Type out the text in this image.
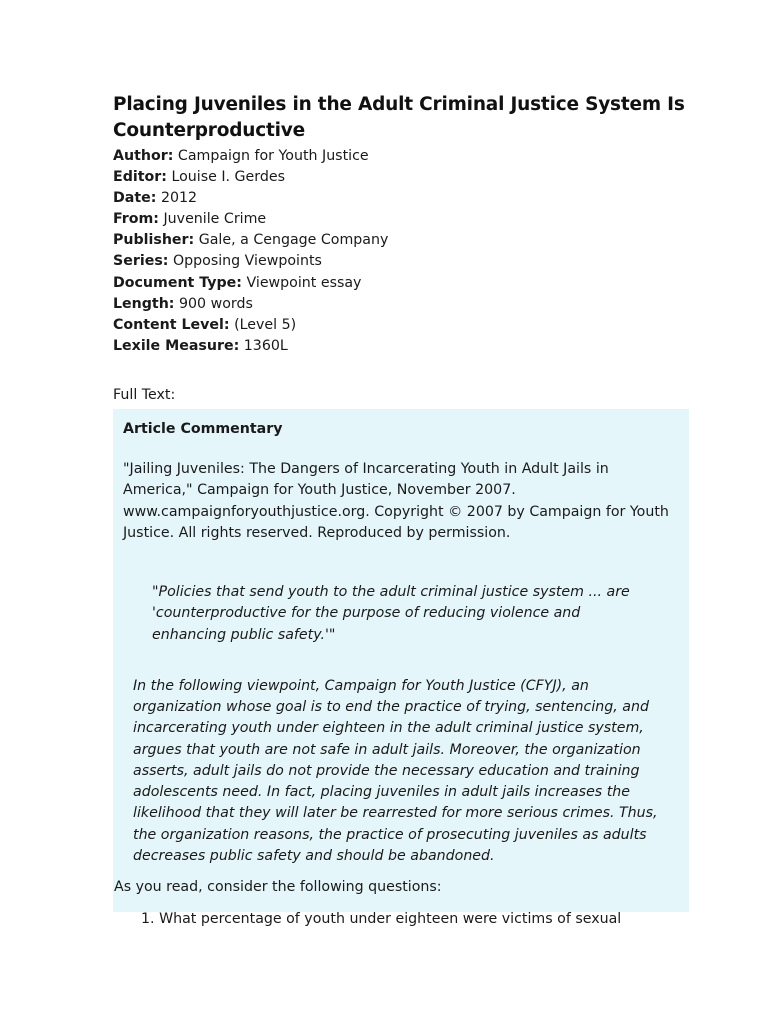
Placing Juveniles in the Adult Criminal Justice System Is Counterproductive
Author: Campaign for Youth Justice
Editor: Louise I. Gerdes
Date: 2012
From: Juvenile Crime
Publisher: Gale, a Cengage Company
Series: Opposing Viewpoints
Document Type: Viewpoint essay
Length: 900 words
Content Level: (Level 5)
Lexile Measure: 1360L
Full Text:
Article Commentary
"Jailing Juveniles: The Dangers of Incarcerating Youth in Adult Jails in America," Campaign for Youth Justice, November 2007. www.campaignforyouthjustice.org. Copyright © 2007 by Campaign for Youth Justice. All rights reserved. Reproduced by permission.
"Policies that send youth to the adult criminal justice system ... are 'counterproductive for the purpose of reducing violence and enhancing public safety.'"
In the following viewpoint, Campaign for Youth Justice (CFYJ), an organization whose goal is to end the practice of trying, sentencing, and incarcerating youth under eighteen in the adult criminal justice system, argues that youth are not safe in adult jails. Moreover, the organization asserts, adult jails do not provide the necessary education and training adolescents need. In fact, placing juveniles in adult jails increases the likelihood that they will later be rearrested for more serious crimes. Thus, the organization reasons, the practice of prosecuting juveniles as adults decreases public safety and should be abandoned.
As you read, consider the following questions:
1. What percentage of youth under eighteen were victims of sexual
